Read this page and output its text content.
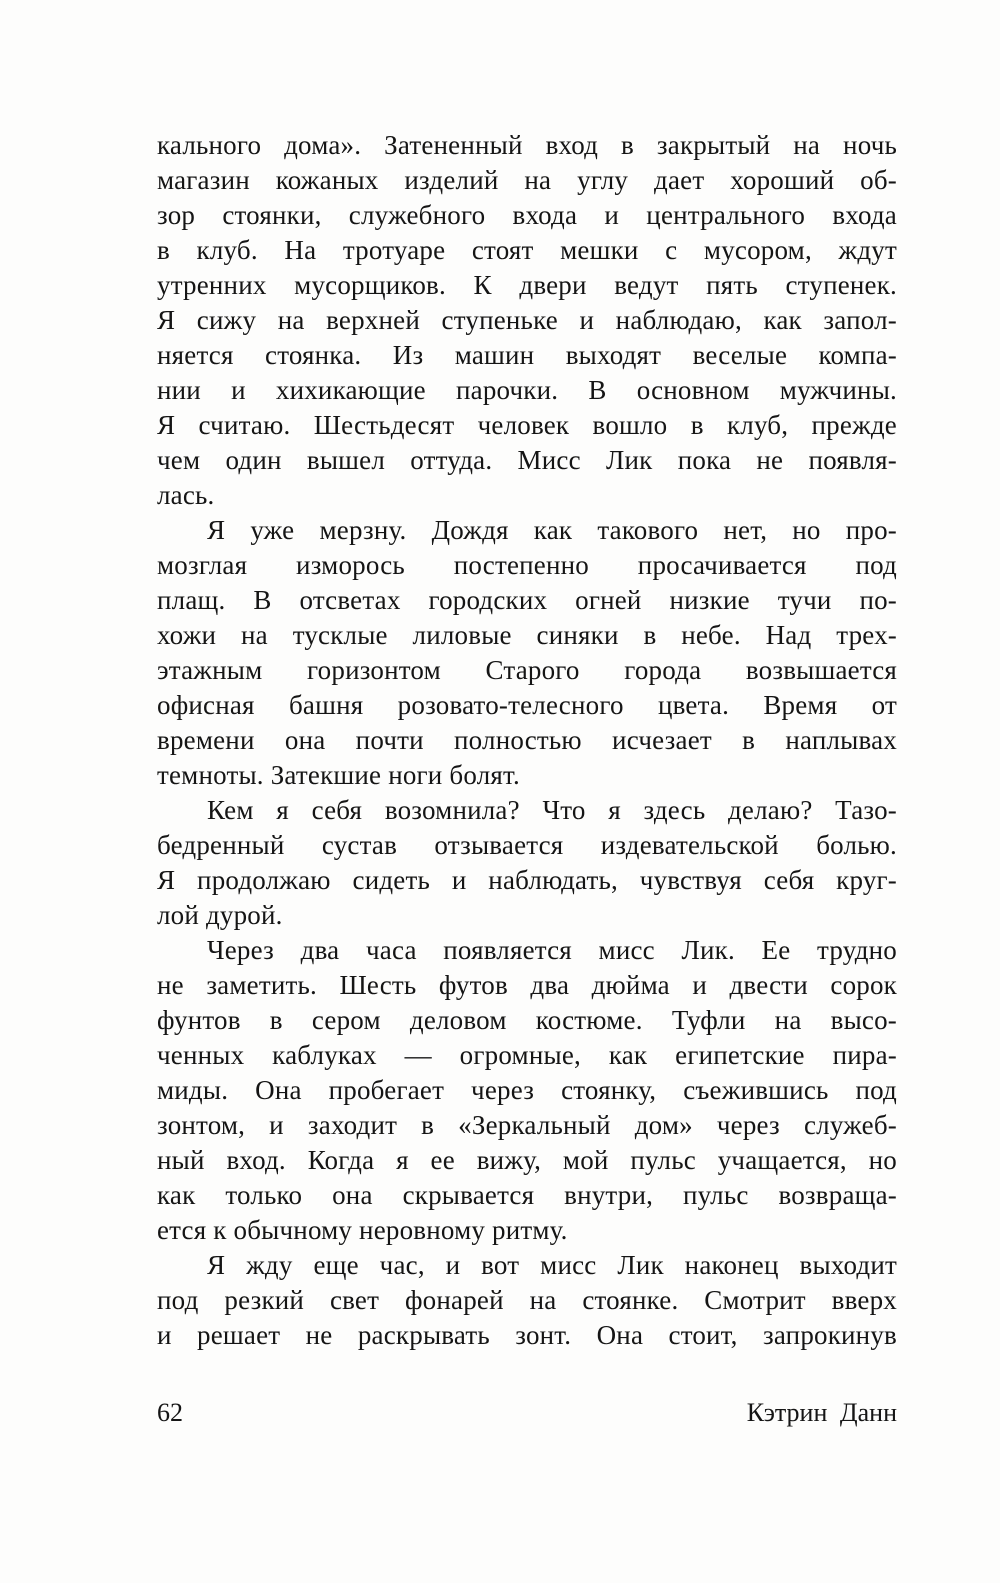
кального дома». Затененный вход в закрытый на ночь
магазин кожаных изделий на углу дает хороший об-
зор стоянки, служебного входа и центрального входа
в клуб. На тротуаре стоят мешки с мусором, ждут
утренних мусорщиков. К двери ведут пять ступенек.
Я сижу на верхней ступеньке и наблюдаю, как запол-
няется стоянка. Из машин выходят веселые компа-
нии и хихикающие парочки. В основном мужчины.
Я считаю. Шестьдесят человек вошло в клуб, прежде
чем один вышел оттуда. Мисс Лик пока не появля-
лась.
Я уже мерзну. Дождя как такового нет, но про-
мозглая изморось постепенно просачивается под
плащ. В отсветах городских огней низкие тучи по-
хожи на тусклые лиловые синяки в небе. Над трех-
этажным горизонтом Старого города возвышается
офисная башня розовато-телесного цвета. Время от
времени она почти полностью исчезает в наплывах
темноты. Затекшие ноги болят.
Кем я себя возомнила? Что я здесь делаю? Тазо-
бедренный сустав отзывается издевательской болью.
Я продолжаю сидеть и наблюдать, чувствуя себя круг-
лой дурой.
Через два часа появляется мисс Лик. Ее трудно
не заметить. Шесть футов два дюйма и двести сорок
фунтов в сером деловом костюме. Туфли на высо-
ченных каблуках — огромные, как египетские пира-
миды. Она пробегает через стоянку, съежившись под
зонтом, и заходит в «Зеркальный дом» через служеб-
ный вход. Когда я ее вижу, мой пульс учащается, но
как только она скрывается внутри, пульс возвраща-
ется к обычному неровному ритму.
Я жду еще час, и вот мисс Лик наконец выходит
под резкий свет фонарей на стоянке. Смотрит вверх
и решает не раскрывать зонт. Она стоит, запрокинув
62	Кэтрин Данн
